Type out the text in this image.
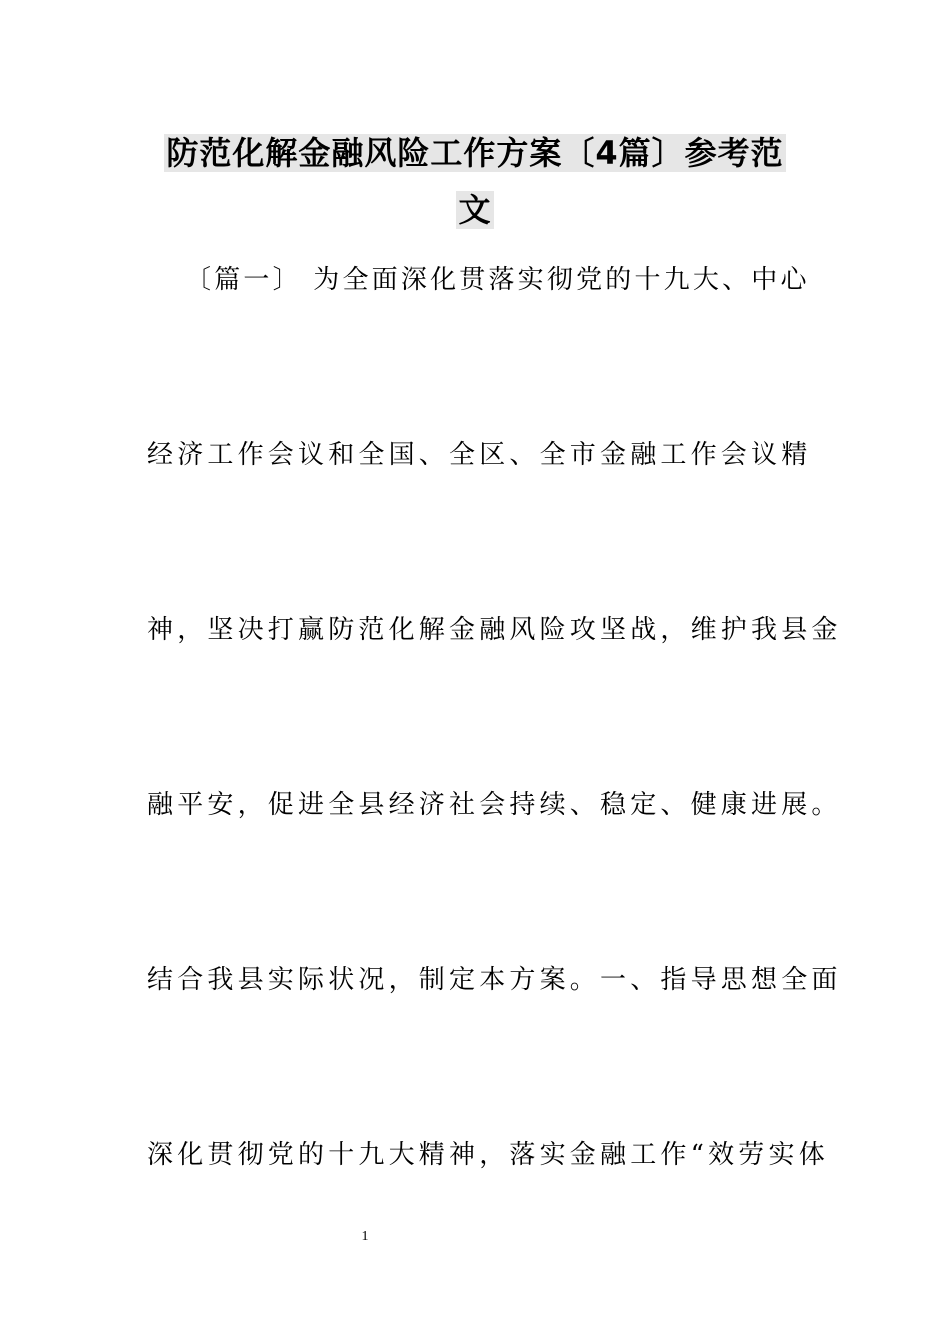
防范化解金融风险工作方案〔4篇〕参考范
文
〔篇一〕 为全面深化贯落实彻党的十九大、中心
经济工作会议和全国、全区、全市金融工作会议精
神，坚决打赢防范化解金融风险攻坚战，维护我县金
融平安，促进全县经济社会持续、稳定、健康进展。
结合我县实际状况，制定本方案。一、指导思想全面
深化贯彻党的十九大精神，落实金融工作“效劳实体
1
